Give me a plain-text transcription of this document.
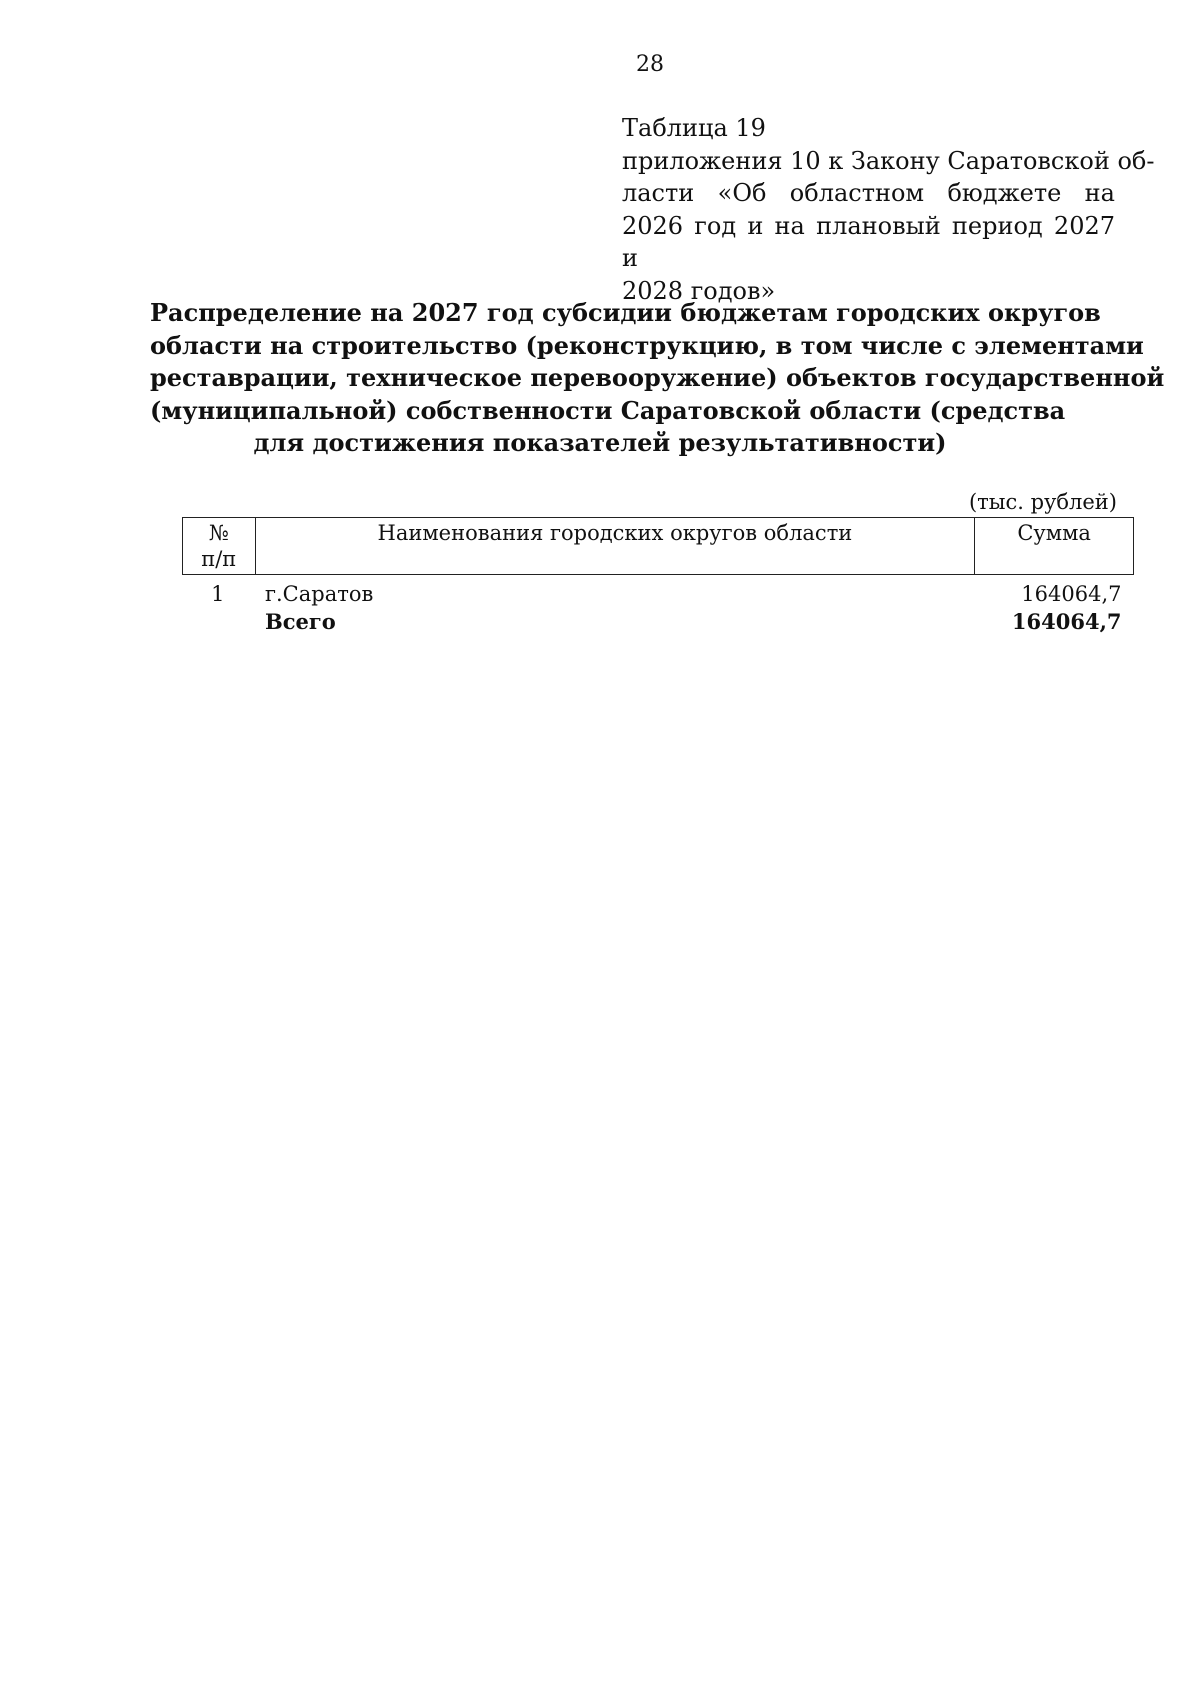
28
Таблица 19
приложения 10 к Закону Саратовской об-
ласти «Об областном бюджете на
2026 год и на плановый период 2027 и
2028 годов»
Распределение на 2027 год субсидии бюджетам городских округов
области на строительство (реконструкцию, в том числе с элементами
реставрации, техническое перевооружение) объектов государственной
(муниципальной) собственности Саратовской области (средства
для достижения показателей результативности)
(тыс. рублей)
№
п/п	Наименования городских округов области	Сумма
1	г.Саратов	164064,7
	Всего	164064,7
